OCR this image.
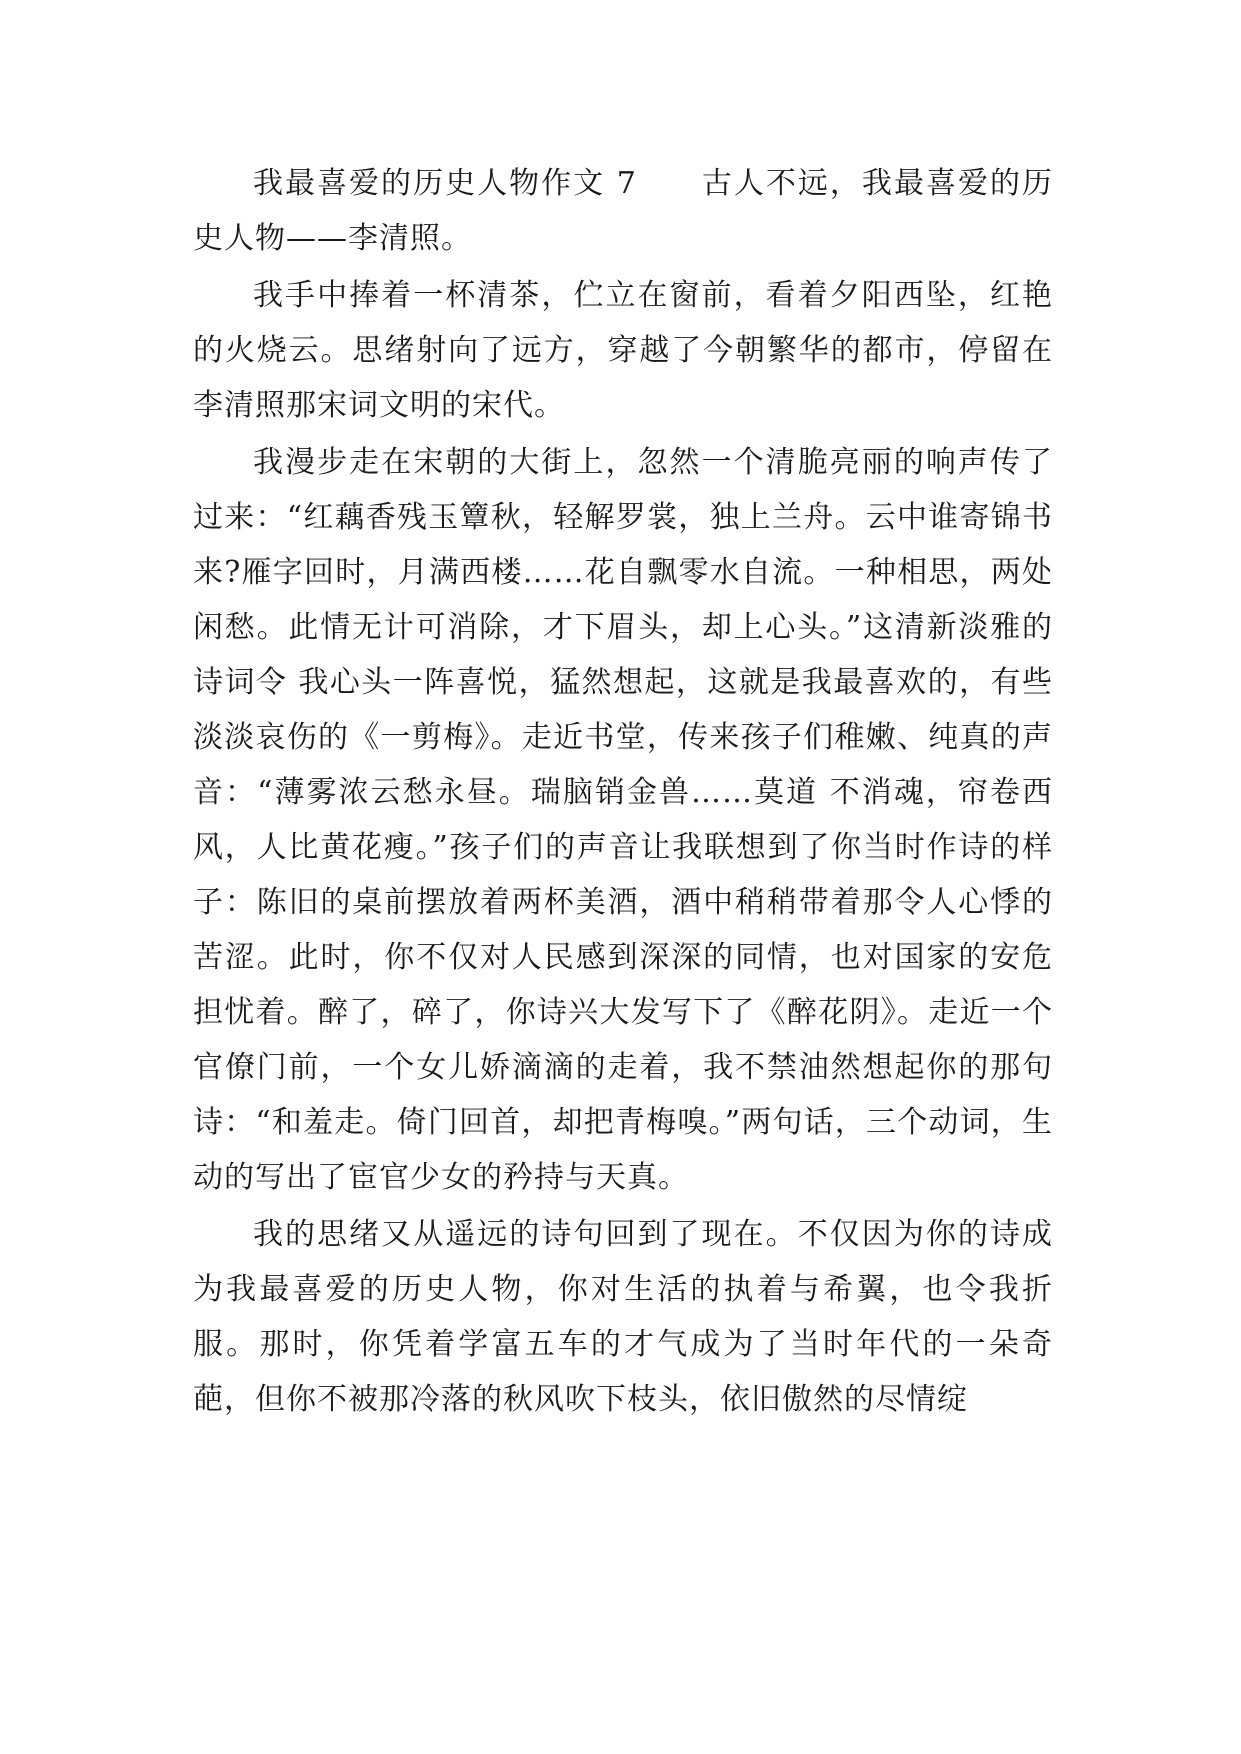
我最喜爱的历史人物作文 7　　古人不远，我最喜爱的历史人物——李清照。

我手中捧着一杯清茶，伫立在窗前，看着夕阳西坠，红艳的火烧云。思绪射向了远方，穿越了今朝繁华的都市，停留在李清照那宋词文明的宋代。

我漫步走在宋朝的大街上，忽然一个清脆亮丽的响声传了过来：“红藕香残玉簟秋，轻解罗裳，独上兰舟。云中谁寄锦书来?雁字回时，月满西楼……花自飘零水自流。一种相思，两处闲愁。此情无计可消除，才下眉头，却上心头。”这清新淡雅的诗词令 我心头一阵喜悦，猛然想起，这就是我最喜欢的，有些淡淡哀伤的《一剪梅》。走近书堂，传来孩子们稚嫩、纯真的声音：“薄雾浓云愁永昼。瑞脑销金兽……莫道 不消魂，帘卷西风，人比黄花瘦。”孩子们的声音让我联想到了你当时作诗的样子：陈旧的桌前摆放着两杯美酒，酒中稍稍带着那令人心悸的苦涩。此时，你不仅对人民感到深深的同情，也对国家的安危担忧着。醉了，碎了，你诗兴大发写下了《醉花阴》。走近一个官僚门前，一个女儿娇滴滴的走着，我不禁油然想起你的那句诗：“和羞走。倚门回首，却把青梅嗅。”两句话，三个动词，生动的写出了宦官少女的矜持与天真。

我的思绪又从遥远的诗句回到了现在。不仅因为你的诗成为我最喜爱的历史人物，你对生活的执着与希翼，也令我折服。那时，你凭着学富五车的才气成为了当时年代的一朵奇葩，但你不被那冷落的秋风吹下枝头，依旧傲然的尽情绽
